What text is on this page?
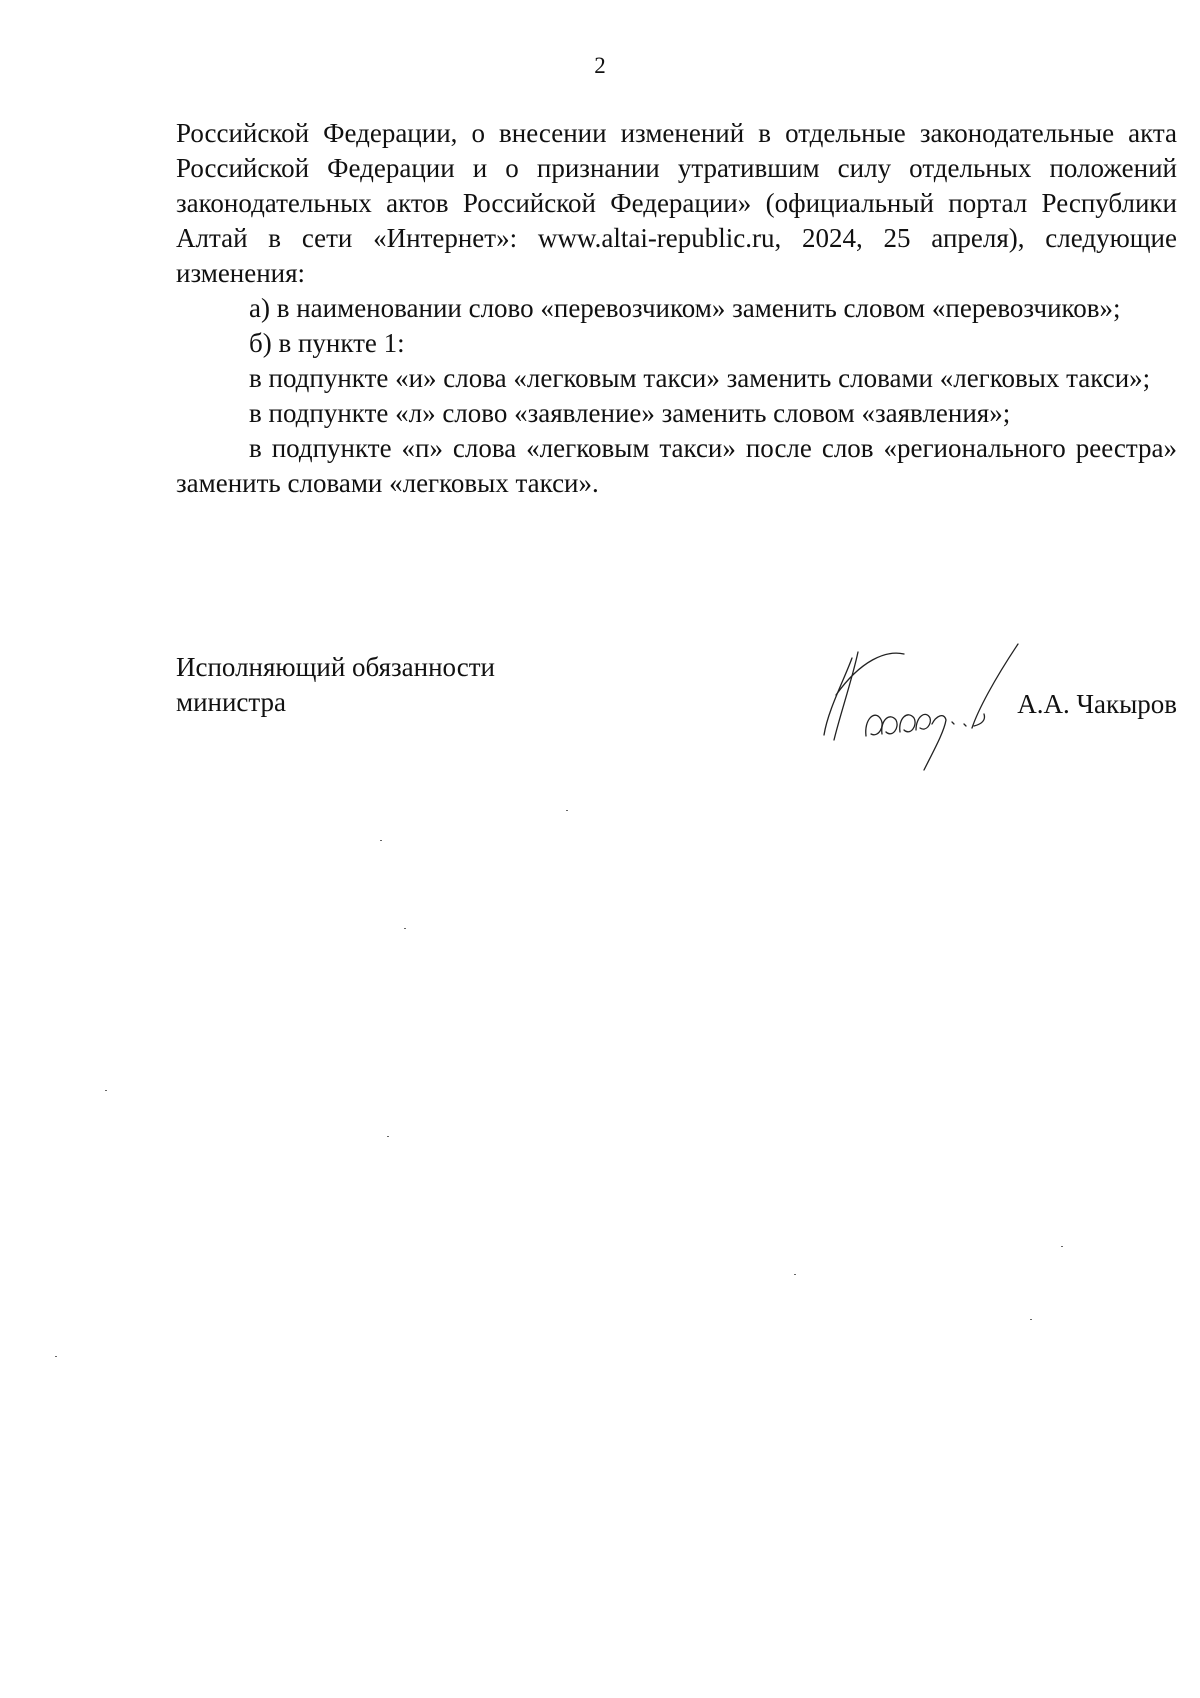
2

Российской Федерации, о внесении изменений в отдельные законодательные акта Российской Федерации и о признании утратившим силу отдельных положений законодательных актов Российской Федерации» (официальный портал Республики Алтай в сети «Интернет»: www.altai-republic.ru, 2024, 25 апреля), следующие изменения:

а) в наименовании слово «перевозчиком» заменить словом «перевозчиков»;

б) в пункте 1:

в подпункте «и» слова «легковым такси» заменить словами «легковых такси»;

в подпункте «л» слово «заявление» заменить словом «заявления»;

в подпункте «п» слова «легковым такси» после слов «регионального реестра» заменить словами «легковых такси».

Исполняющий обязанности
министра	А.А. Чакыров
